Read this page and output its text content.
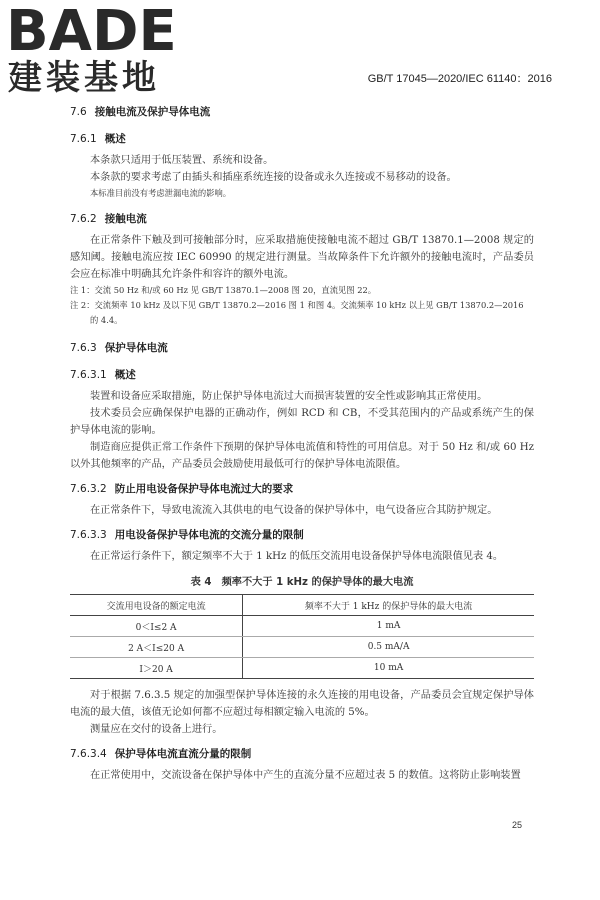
BADE
建装基地	GB/T 17045—2020/IEC 61140：2016
7.6 接触电流及保护导体电流
7.6.1 概述

本条款只适用于低压装置、系统和设备。

本条款的要求考虑了由插头和插座系统连接的设备或永久连接或不易移动的设备。

本标准目前没有考虑泄漏电流的影响。
7.6.2 接触电流

在正常条件下触及到可接触部分时，应采取措施使接触电流不超过 GB/T 13870.1—2008 规定的感知阈。接触电流应按 IEC 60990 的规定进行测量。当故障条件下允许额外的接触电流时，产品委员会应在标准中明确其允许条件和容许的额外电流。

注 1：交流 50 Hz 和/或 60 Hz 见 GB/T 13870.1—2008 图 20，直流见图 22。
注 2：交流频率 10 kHz 及以下见 GB/T 13870.2—2016 图 1 和图 4。交流频率 10 kHz 以上见 GB/T 13870.2—2016 的 4.4。
7.6.3 保护导体电流
7.6.3.1 概述

装置和设备应采取措施，防止保护导体电流过大而损害装置的安全性或影响其正常使用。

技术委员会应确保保护电器的正确动作，例如 RCD 和 CB，不受其范围内的产品或系统产生的保护导体电流的影响。

制造商应提供正常工作条件下预期的保护导体电流值和特性的可用信息。对于 50 Hz 和/或 60 Hz以外其他频率的产品，产品委员会鼓励使用最低可行的保护导体电流限值。

7.6.3.2 防止用电设备保护导体电流过大的要求

在正常条件下，导致电流流入其供电的电气设备的保护导体中，电气设备应合其防护规定。

7.6.3.3 用电设备保护导体电流的交流分量的限制

在正常运行条件下，额定频率不大于 1 kHz 的低压交流用电设备保护导体电流限值见表 4。

表 4　频率不大于 1 kHz 的保护导体的最大电流
交流用电设备的额定电流	频率不大于 1 kHz 的保护导体的最大电流
0＜I≤2 A	1 mA
2 A＜I≤20 A	0.5 mA/A
I＞20 A	10 mA

对于根据 7.6.3.5 规定的加强型保护导体连接的永久连接的用电设备，产品委员会宜规定保护导体电流的最大值，该值无论如何都不应超过每相额定输入电流的 5%。

测量应在交付的设备上进行。

7.6.3.4 保护导体电流直流分量的限制

在正常使用中，交流设备在保护导体中产生的直流分量不应超过表 5 的数值。这将防止影响装置

25
